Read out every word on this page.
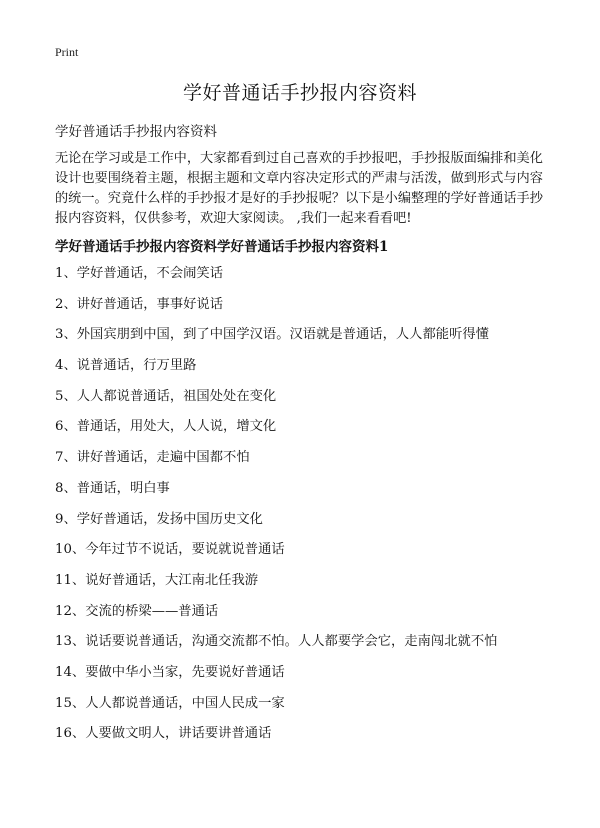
Print
学好普通话手抄报内容资料
学好普通话手抄报内容资料

无论在学习或是工作中，大家都看到过自己喜欢的手抄报吧，手抄报版面编排和美化设计也要围绕着主题，根据主题和文章内容决定形式的严肃与活泼，做到形式与内容的统一。究竟什么样的手抄报才是好的手抄报呢？以下是小编整理的学好普通话手抄报内容资料，仅供参考，欢迎大家阅读。 ,我们一起来看看吧!

学好普通话手抄报内容资料学好普通话手抄报内容资料1
1、学好普通话，不会闹笑话
2、讲好普通话，事事好说话
3、外国宾朋到中国，到了中国学汉语。汉语就是普通话，人人都能听得懂
4、说普通话，行万里路
5、人人都说普通话，祖国处处在变化
6、普通话，用处大，人人说，增文化
7、讲好普通话，走遍中国都不怕
8、普通话，明白事
9、学好普通话，发扬中国历史文化
10、今年过节不说话，要说就说普通话
11、说好普通话，大江南北任我游
12、交流的桥梁——普通话
13、说话要说普通话，沟通交流都不怕。人人都要学会它，走南闯北就不怕
14、要做中华小当家，先要说好普通话
15、人人都说普通话，中国人民成一家
16、人要做文明人，讲话要讲普通话
